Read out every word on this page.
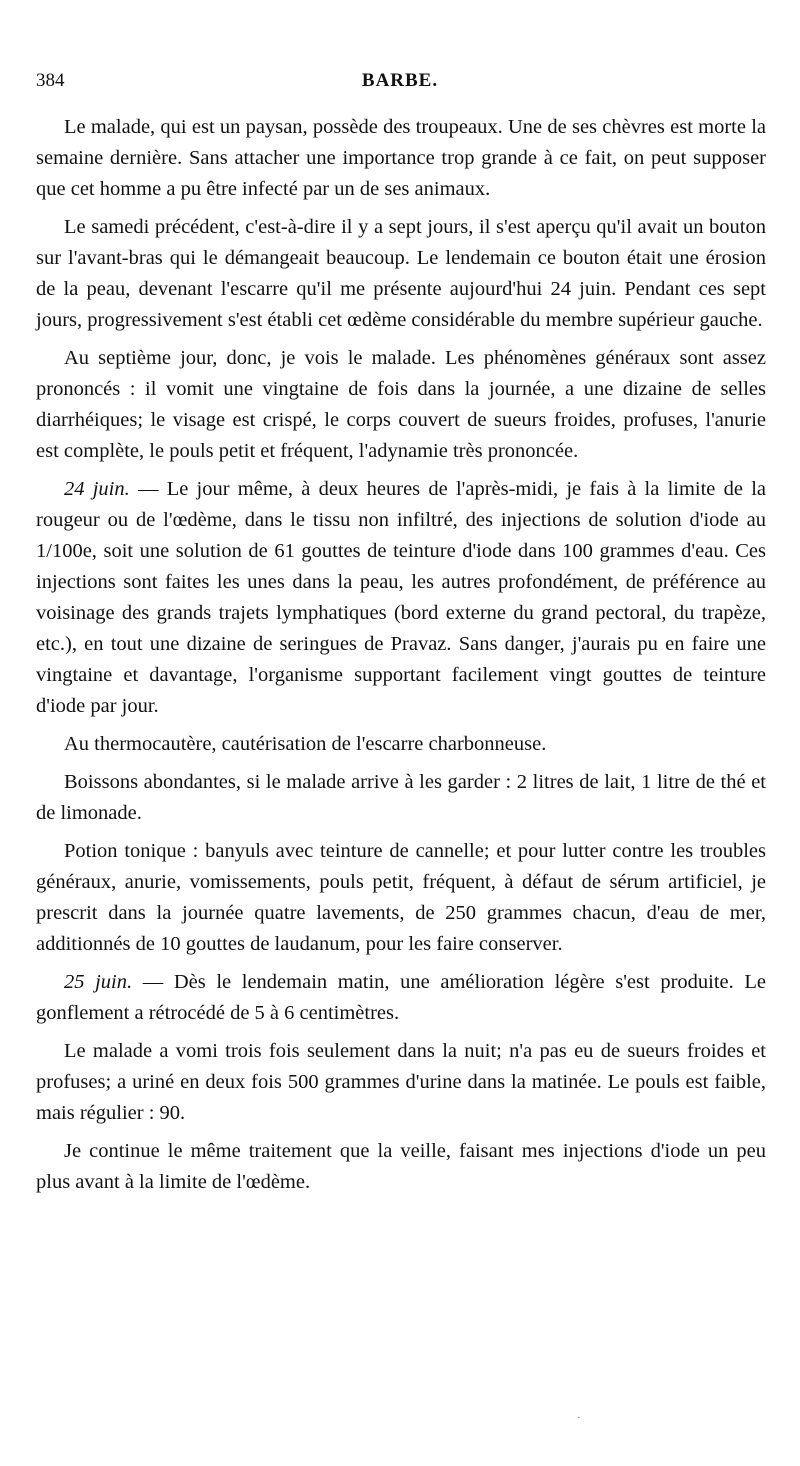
384	BARBE.

Le malade, qui est un paysan, possède des troupeaux. Une de ses chèvres est morte la semaine dernière. Sans attacher une importance trop grande à ce fait, on peut supposer que cet homme a pu être infecté par un de ses animaux.

Le samedi précédent, c'est-à-dire il y a sept jours, il s'est aperçu qu'il avait un bouton sur l'avant-bras qui le démangeait beaucoup. Le lendemain ce bouton était une érosion de la peau, devenant l'escarre qu'il me présente aujourd'hui 24 juin. Pendant ces sept jours, progressivement s'est établi cet œdème considérable du membre supérieur gauche.

Au septième jour, donc, je vois le malade. Les phénomènes généraux sont assez prononcés : il vomit une vingtaine de fois dans la journée, a une dizaine de selles diarrhéiques; le visage est crispé, le corps couvert de sueurs froides, profuses, l'anurie est complète, le pouls petit et fréquent, l'adynamie très prononcée.

24 juin. — Le jour même, à deux heures de l'après-midi, je fais à la limite de la rougeur ou de l'œdème, dans le tissu non infiltré, des injections de solution d'iode au 1/100e, soit une solution de 61 gouttes de teinture d'iode dans 100 grammes d'eau. Ces injections sont faites les unes dans la peau, les autres profondément, de préférence au voisinage des grands trajets lymphatiques (bord externe du grand pectoral, du trapèze, etc.), en tout une dizaine de seringues de Pravaz. Sans danger, j'aurais pu en faire une vingtaine et davantage, l'organisme supportant facilement vingt gouttes de teinture d'iode par jour.

Au thermocautère, cautérisation de l'escarre charbonneuse.

Boissons abondantes, si le malade arrive à les garder : 2 litres de lait, 1 litre de thé et de limonade.

Potion tonique : banyuls avec teinture de cannelle; et pour lutter contre les troubles généraux, anurie, vomissements, pouls petit, fréquent, à défaut de sérum artificiel, je prescrit dans la journée quatre lavements, de 250 grammes chacun, d'eau de mer, additionnés de 10 gouttes de laudanum, pour les faire conserver.

25 juin. — Dès le lendemain matin, une amélioration légère s'est produite. Le gonflement a rétrocédé de 5 à 6 centimètres.

Le malade a vomi trois fois seulement dans la nuit; n'a pas eu de sueurs froides et profuses; a uriné en deux fois 500 grammes d'urine dans la matinée. Le pouls est faible, mais régulier : 90.

Je continue le même traitement que la veille, faisant mes injections d'iode un peu plus avant à la limite de l'œdème.

·
